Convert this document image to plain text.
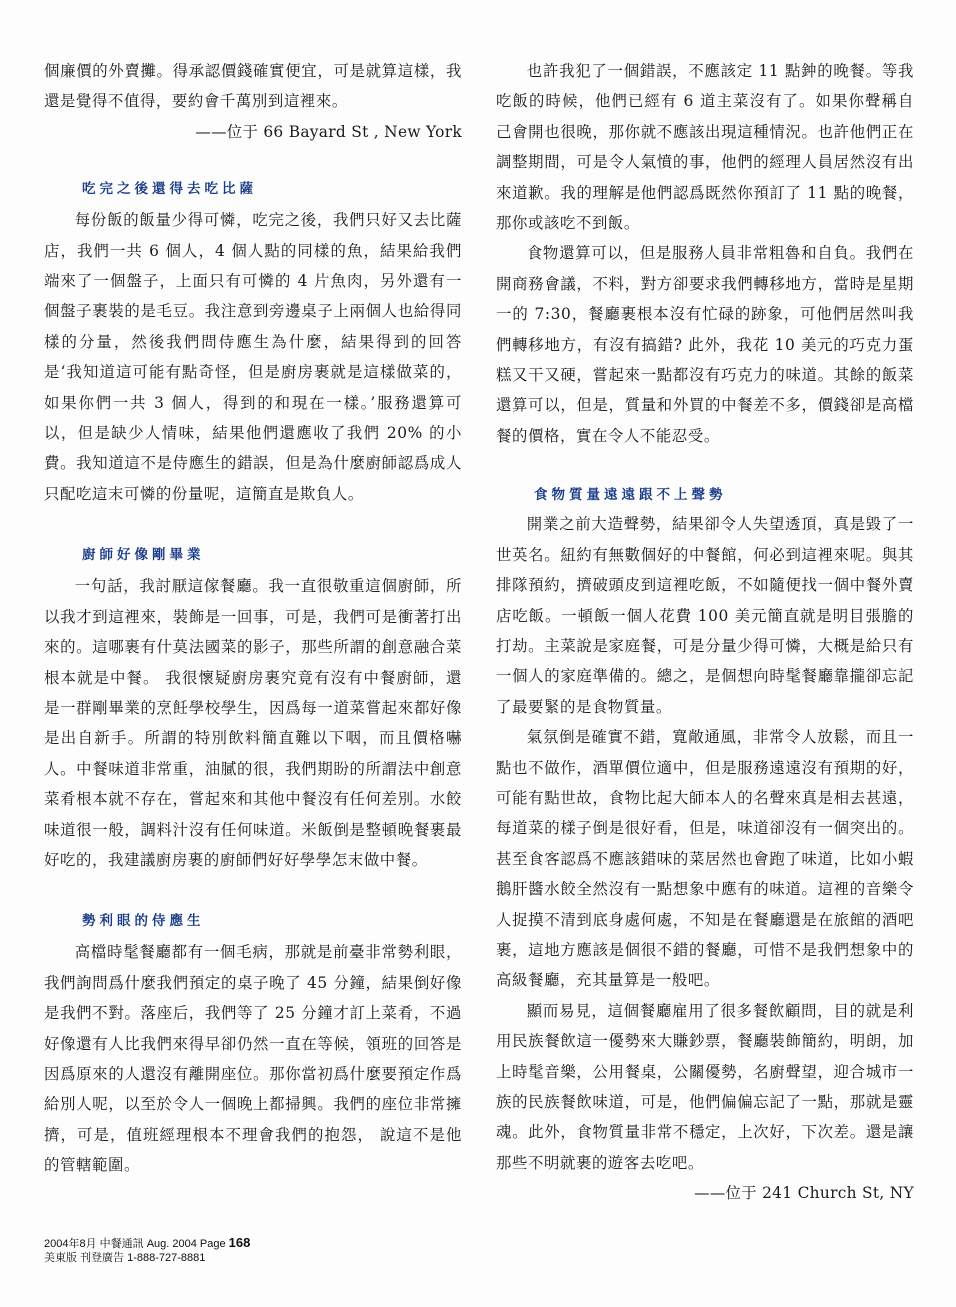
個廉價的外賣攤。得承認價錢確實便宜，可是就算這樣，我還是覺得不值得，要約會千萬別到這裡來。

——位于 66 Bayard St , New York

吃完之後還得去吃比薩

每份飯的飯量少得可憐，吃完之後，我們只好又去比薩店，我們一共 6 個人，4 個人點的同樣的魚，結果給我們端來了一個盤子，上面只有可憐的 4 片魚肉，另外還有一個盤子裹裝的是毛豆。我注意到旁邊桌子上兩個人也給得同樣的分量，然後我們問侍應生為什麼，結果得到的回答是‘我知道這可能有點奇怪，但是廚房裹就是這樣做菜的，如果你們一共 3 個人，得到的和現在一樣。’服務還算可以，但是缺少人情味，結果他們還應收了我們 20% 的小費。我知道這不是侍應生的錯誤，但是為什麼廚師認爲成人只配吃這末可憐的份量呢，這簡直是欺負人。

廚師好像剛畢業

一句話，我討厭這傢餐廳。我一直很敬重這個廚師，所以我才到這裡來，裝飾是一回事，可是，我們可是衝著打出來的。這哪裹有什莫法國菜的影子，那些所謂的創意融合菜根本就是中餐。 我很懷疑廚房裹究竟有沒有中餐廚師，還是一群剛畢業的烹飪學校學生，因爲每一道菜嘗起來都好像是出自新手。所謂的特別飲料簡直難以下咽，而且價格嚇人。中餐味道非常重，油膩的很，我們期盼的所謂法中創意菜肴根本就不存在，嘗起來和其他中餐沒有任何差別。水餃味道很一般，調料汁沒有任何味道。米飯倒是整頓晚餐裹最好吃的，我建議廚房裹的廚師們好好學學怎末做中餐。

勢利眼的侍應生

高檔時髦餐廳都有一個毛病，那就是前臺非常勢利眼，我們詢問爲什麼我們預定的桌子晚了 45 分鐘，結果倒好像是我們不對。落座后，我們等了 25 分鐘才訂上菜肴，不過好像還有人比我們來得早卻仍然一直在等候，領班的回答是因爲原來的人還沒有離開座位。那你當初爲什麼要預定作爲給別人呢，以至於令人一個晚上都掃興。我們的座位非常擁擠，可是，值班經理根本不理會我們的抱怨， 說這不是他的管轄範圍。

也許我犯了一個錯誤，不應該定 11 點鈡的晚餐。等我吃飯的時候，他們已經有 6 道主菜沒有了。如果你聲稱自己會開也很晚，那你就不應該出現這種情況。也許他們正在調整期間，可是令人氣憤的事，他們的經理人員居然沒有出來道歉。我的理解是他們認爲既然你預訂了 11 點的晚餐，那你或該吃不到飯。

食物還算可以，但是服務人員非常粗魯和自負。我們在開商務會議，不料，對方卻要求我們轉移地方，當時是星期一的 7:30，餐廳裹根本沒有忙碌的跡象，可他們居然叫我們轉移地方，有沒有搞錯? 此外，我花 10 美元的巧克力蛋糕又干又硬，嘗起來一點都沒有巧克力的味道。其餘的飯菜還算可以，但是，質量和外買的中餐差不多，價錢卻是高檔餐的價格，實在令人不能忍受。

食物質量遠遠跟不上聲勢

開業之前大造聲勢，結果卻令人失望透頂，真是毀了一世英名。紐約有無數個好的中餐館，何必到這裡來呢。與其排隊預約，擠破頭皮到這裡吃飯，不如隨便找一個中餐外賣店吃飯。一頓飯一個人花費 100 美元簡直就是明目張膽的打劫。主菜說是家庭餐，可是分量少得可憐，大概是給只有一個人的家庭準備的。總之，是個想向時髦餐廳靠攏卻忘記了最要緊的是食物質量。

氣氛倒是確實不錯，寬敞通風，非常令人放鬆，而且一點也不做作，酒單價位適中，但是服務遠遠沒有預期的好，可能有點世故，食物比起大師本人的名聲來真是相去甚遠，每道菜的樣子倒是很好看，但是，味道卻沒有一個突出的。甚至食客認爲不應該錯味的菜居然也會跑了味道，比如小蝦鵝肝醬水餃全然沒有一點想象中應有的味道。這裡的音樂令人捉摸不清到底身處何處，不知是在餐廳還是在旅館的酒吧裹，這地方應該是個很不錯的餐廳，可惜不是我們想象中的高級餐廳，充其量算是一般吧。

顯而易見，這個餐廳雇用了很多餐飲顧問，目的就是利用民族餐飲這一優勢來大賺鈔票，餐廳裝飾簡約，明朗，加上時髦音樂，公用餐桌，公關優勢，名廚聲望，迎合城市一族的民族餐飲味道，可是，他們偏偏忘記了一點，那就是靈魂。此外，食物質量非常不穩定，上次好，下次差。還是讓那些不明就裹的遊客去吃吧。

——位于 241 Church St, NY

2004年8月 中餐通訊 Aug. 2004 Page 168
美東版 刊登廣告 1-888-727-8881
